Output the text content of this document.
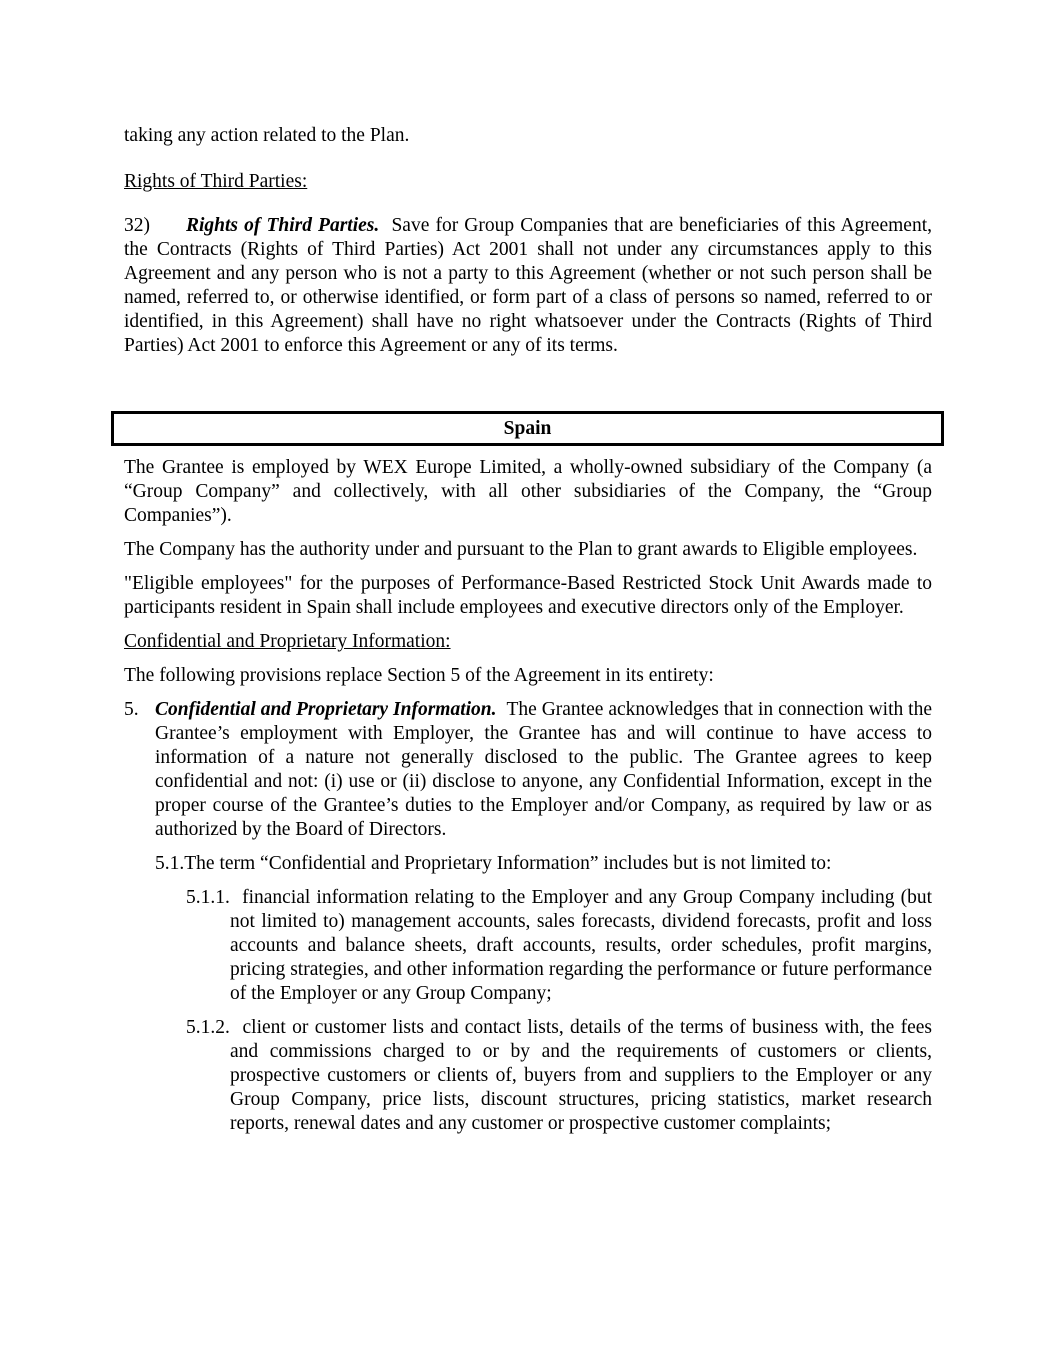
taking any action related to the Plan.

Rights of Third Parties:

32) Rights of Third Parties. Save for Group Companies that are beneficiaries of this Agreement, the Contracts (Rights of Third Parties) Act 2001 shall not under any circumstances apply to this Agreement and any person who is not a party to this Agreement (whether or not such person shall be named, referred to, or otherwise identified, or form part of a class of persons so named, referred to or identified, in this Agreement) shall have no right whatsoever under the Contracts (Rights of Third Parties) Act 2001 to enforce this Agreement or any of its terms.

Spain

The Grantee is employed by WEX Europe Limited, a wholly-owned subsidiary of the Company (a “Group Company” and collectively, with all other subsidiaries of the Company, the “Group Companies”).

The Company has the authority under and pursuant to the Plan to grant awards to Eligible employees.

"Eligible employees" for the purposes of Performance-Based Restricted Stock Unit Awards made to participants resident in Spain shall include employees and executive directors only of the Employer.

Confidential and Proprietary Information:

The following provisions replace Section 5 of the Agreement in its entirety:

5. Confidential and Proprietary Information. The Grantee acknowledges that in connection with the Grantee’s employment with Employer, the Grantee has and will continue to have access to information of a nature not generally disclosed to the public. The Grantee agrees to keep confidential and not: (i) use or (ii) disclose to anyone, any Confidential Information, except in the proper course of the Grantee’s duties to the Employer and/or Company, as required by law or as authorized by the Board of Directors.

5.1.The term “Confidential and Proprietary Information” includes but is not limited to:

5.1.1. financial information relating to the Employer and any Group Company including (but not limited to) management accounts, sales forecasts, dividend forecasts, profit and loss accounts and balance sheets, draft accounts, results, order schedules, profit margins, pricing strategies, and other information regarding the performance or future performance of the Employer or any Group Company;

5.1.2. client or customer lists and contact lists, details of the terms of business with, the fees and commissions charged to or by and the requirements of customers or clients, prospective customers or clients of, buyers from and suppliers to the Employer or any Group Company, price lists, discount structures, pricing statistics, market research reports, renewal dates and any customer or prospective customer complaints;
